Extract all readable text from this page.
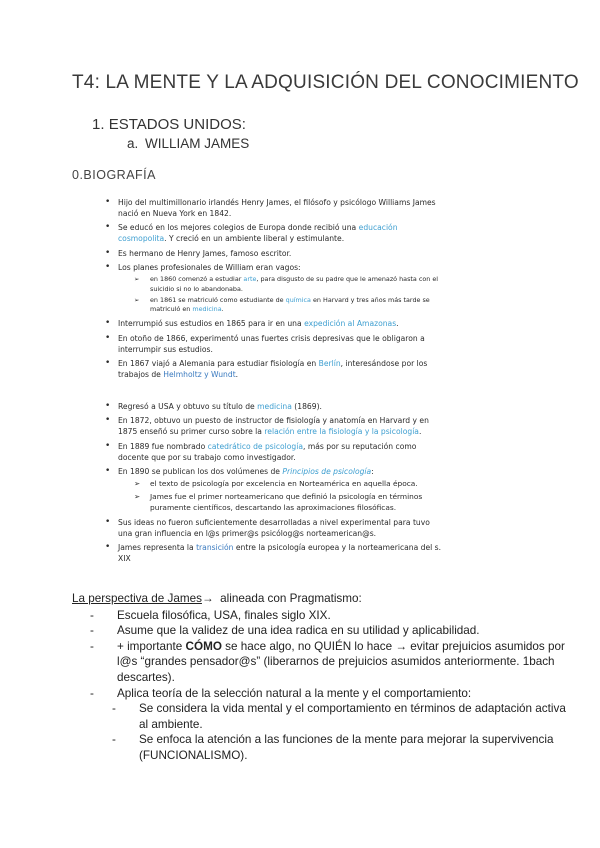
T4: LA MENTE Y LA ADQUISICIÓN DEL CONOCIMIENTO
1. ESTADOS UNIDOS:
a. WILLIAM JAMES
0.BIOGRAFÍA
• Hijo del multimillonario irlandés Henry James, el filósofo y psicólogo Williams James nació en Nueva York en 1842.
• Se educó en los mejores colegios de Europa donde recibió una educación cosmopolita. Y creció en un ambiente liberal y estimulante.
• Es hermano de Henry James, famoso escritor.
• Los planes profesionales de William eran vagos:
➢ en 1860 comenzó a estudiar arte, para disgusto de su padre que le amenazó hasta con el suicidio si no lo abandonaba.
➢ en 1861 se matriculó como estudiante de química en Harvard y tres años más tarde se matriculó en medicina.
• Interrumpió sus estudios en 1865 para ir en una expedición al Amazonas.
• En otoño de 1866, experimentó unas fuertes crisis depresivas que le obligaron a interrumpir sus estudios.
• En 1867 viajó a Alemania para estudiar fisiología en Berlín, interesándose por los trabajos de Helmholtz y Wundt.
• Regresó a USA y obtuvo su título de medicina (1869).
• En 1872, obtuvo un puesto de instructor de fisiología y anatomía en Harvard y en 1875 enseñó su primer curso sobre la relación entre la fisiología y la psicología.
• En 1889 fue nombrado catedrático de psicología, más por su reputación como docente que por su trabajo como investigador.
• En 1890 se publican los dos volúmenes de Principios de psicología:
➢ el texto de psicología por excelencia en Norteamérica en aquella época.
➢ James fue el primer norteamericano que definió la psicología en términos puramente científicos, descartando las aproximaciones filosóficas.
• Sus ideas no fueron suficientemente desarrolladas a nivel experimental para tuvo una gran influencia en l@s primer@s psicólog@s norteamerican@s.
• James representa la transición entre la psicología europea y la norteamericana del s. XIX
La perspectiva de James→  alineada con Pragmatismo:
- Escuela filosófica, USA, finales siglo XIX.
- Asume que la validez de una idea radica en su utilidad y aplicabilidad.
- + importante CÓMO se hace algo, no QUIÉN lo hace → evitar prejuicios asumidos por l@s “grandes pensador@s” (liberarnos de prejuicios asumidos anteriormente. 1bach descartes).
- Aplica teoría de la selección natural a la mente y el comportamiento:
- Se considera la vida mental y el comportamiento en términos de adaptación activa al ambiente.
- Se enfoca la atención a las funciones de la mente para mejorar la supervivencia (FUNCIONALISMO).
